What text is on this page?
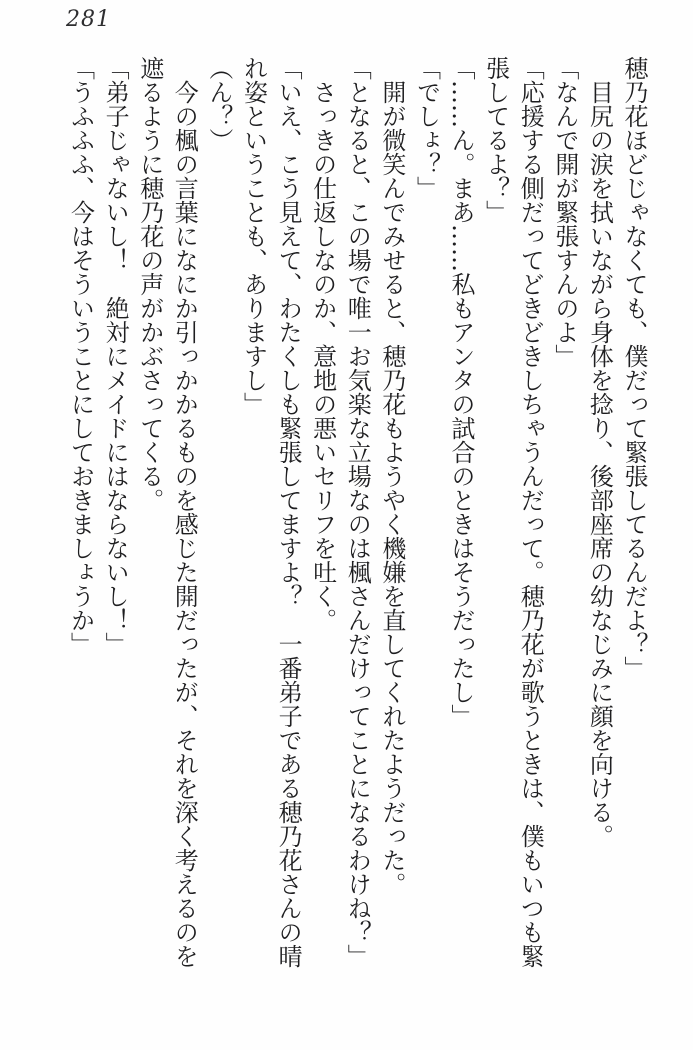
281

穂乃花ほどじゃなくても、僕だって緊張してるんだよ？」

　目尻の涙を拭いながら身体を捻り、後部座席の幼なじみに顔を向ける。

「なんで開が緊張すんのよ」

「応援する側だってどきどきしちゃうんだって。穂乃花が歌うときは、僕もいつも緊張してるよ？」

「……ん。まあ……私もアンタの試合のときはそうだったし」

「でしょ？」

　開が微笑んでみせると、穂乃花もようやく機嫌を直してくれたようだった。

「となると、この場で唯一お気楽な立場なのは楓さんだけってことになるわけね？」

　さっきの仕返しなのか、意地の悪いセリフを吐く。

「いえ、こう見えて、わたくしも緊張してますよ？　一番弟子である穂乃花さんの晴れ姿ということも、ありますし」

（ん？）

　今の楓の言葉になにか引っかかるものを感じた開だったが、それを深く考えるのを遮るように穂乃花の声がかぶさってくる。

「弟子じゃないし！　絶対にメイドにはならないし！」

「うふふふ、今はそういうことにしておきましょうか」
